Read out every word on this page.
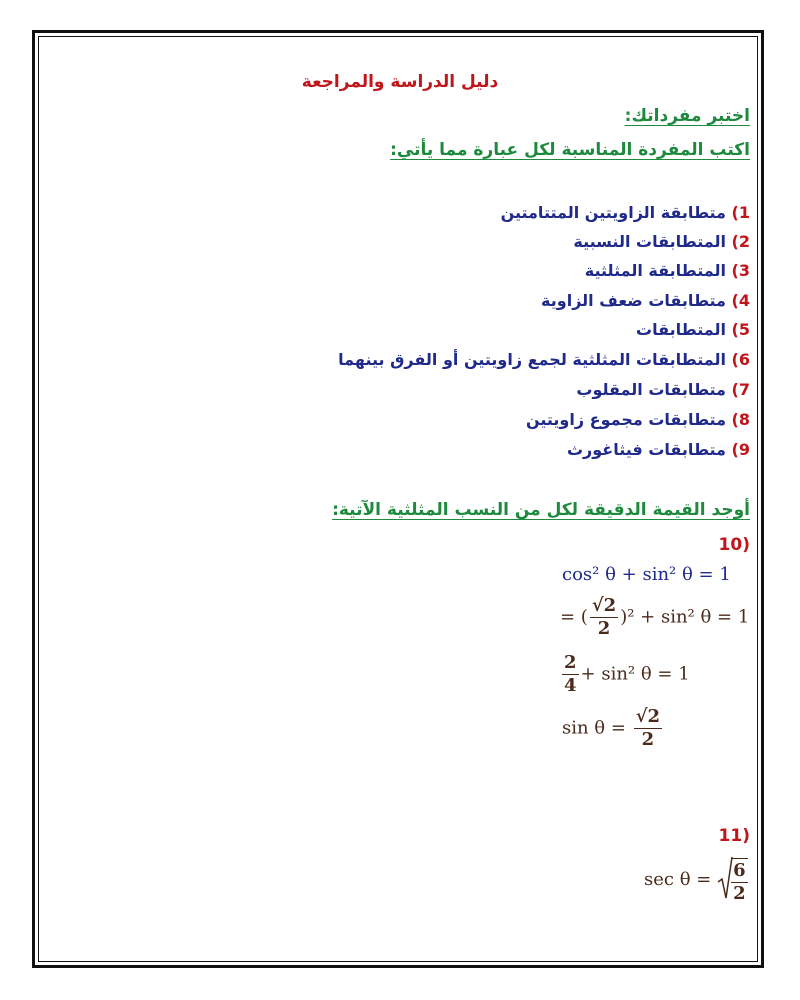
دليل الدراسة والمراجعة
اختبر مفرداتك:
اكتب المفردة المناسبة لكل عبارة مما يأتي:
1) متطابقة الزاويتين المتتامتين
2) المتطابقات النسبية
3) المتطابقة المثلثية
4) متطابقات ضعف الزاوية
5) المتطابقات
6) المتطابقات المثلثية لجمع زاويتين أو الفرق بينهما
7) متطابقات المقلوب
8) متطابقات مجموع زاويتين
9) متطابقات فيثاغورث
أوجد القيمة الدقيقة لكل من النسب المثلثية الآتية:
(10
cos² θ + sin² θ = 1
= ( $\frac{√2}{2} )^2 + \sin^2$ θ = 1
$\frac{2}{4} + \sin^2$ θ = 1
$\sin \theta = \frac{√2}{2}$
(11
$\sec \theta = \frac{6}{2}$
